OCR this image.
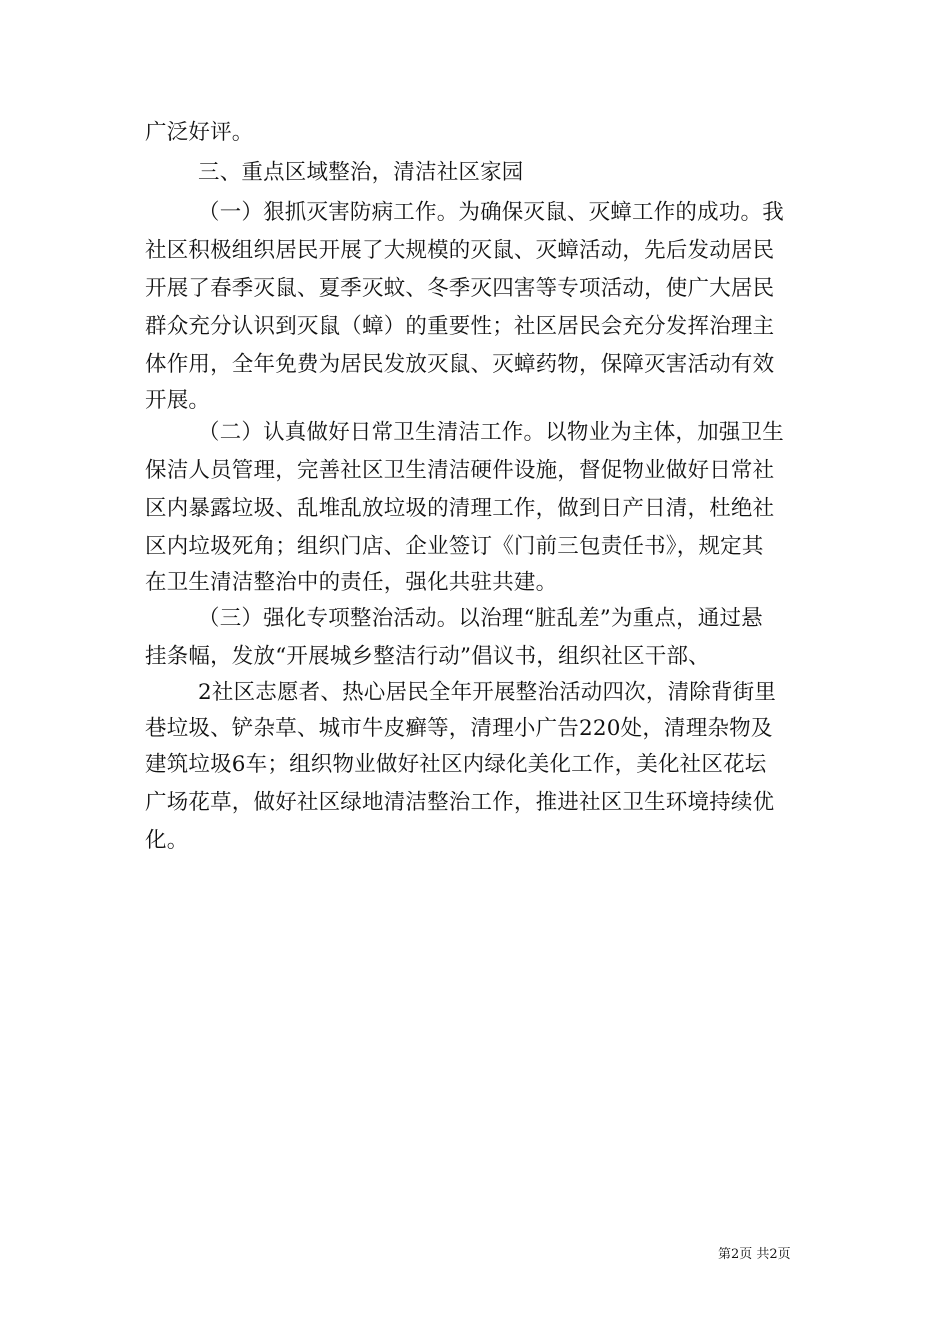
广泛好评。
三、重点区域整治，清洁社区家园
（一）狠抓灭害防病工作。为确保灭鼠、灭蟑工作的成功。我
社区积极组织居民开展了大规模的灭鼠、灭蟑活动，先后发动居民
开展了春季灭鼠、夏季灭蚊、冬季灭四害等专项活动，使广大居民
群众充分认识到灭鼠（蟑）的重要性；社区居民会充分发挥治理主
体作用，全年免费为居民发放灭鼠、灭蟑药物，保障灭害活动有效
开展。
（二）认真做好日常卫生清洁工作。以物业为主体，加强卫生
保洁人员管理，完善社区卫生清洁硬件设施，督促物业做好日常社
区内暴露垃圾、乱堆乱放垃圾的清理工作，做到日产日清，杜绝社
区内垃圾死角；组织门店、企业签订《门前三包责任书》，规定其
在卫生清洁整治中的责任，强化共驻共建。
（三）强化专项整治活动。以治理“脏乱差”为重点，通过悬
挂条幅，发放“开展城乡整洁行动”倡议书，组织社区干部、
2社区志愿者、热心居民全年开展整治活动四次，清除背街里
巷垃圾、铲杂草、城市牛皮癣等，清理小广告220处，清理杂物及
建筑垃圾6车；组织物业做好社区内绿化美化工作，美化社区花坛
广场花草，做好社区绿地清洁整治工作，推进社区卫生环境持续优
化。
第2页 共2页
